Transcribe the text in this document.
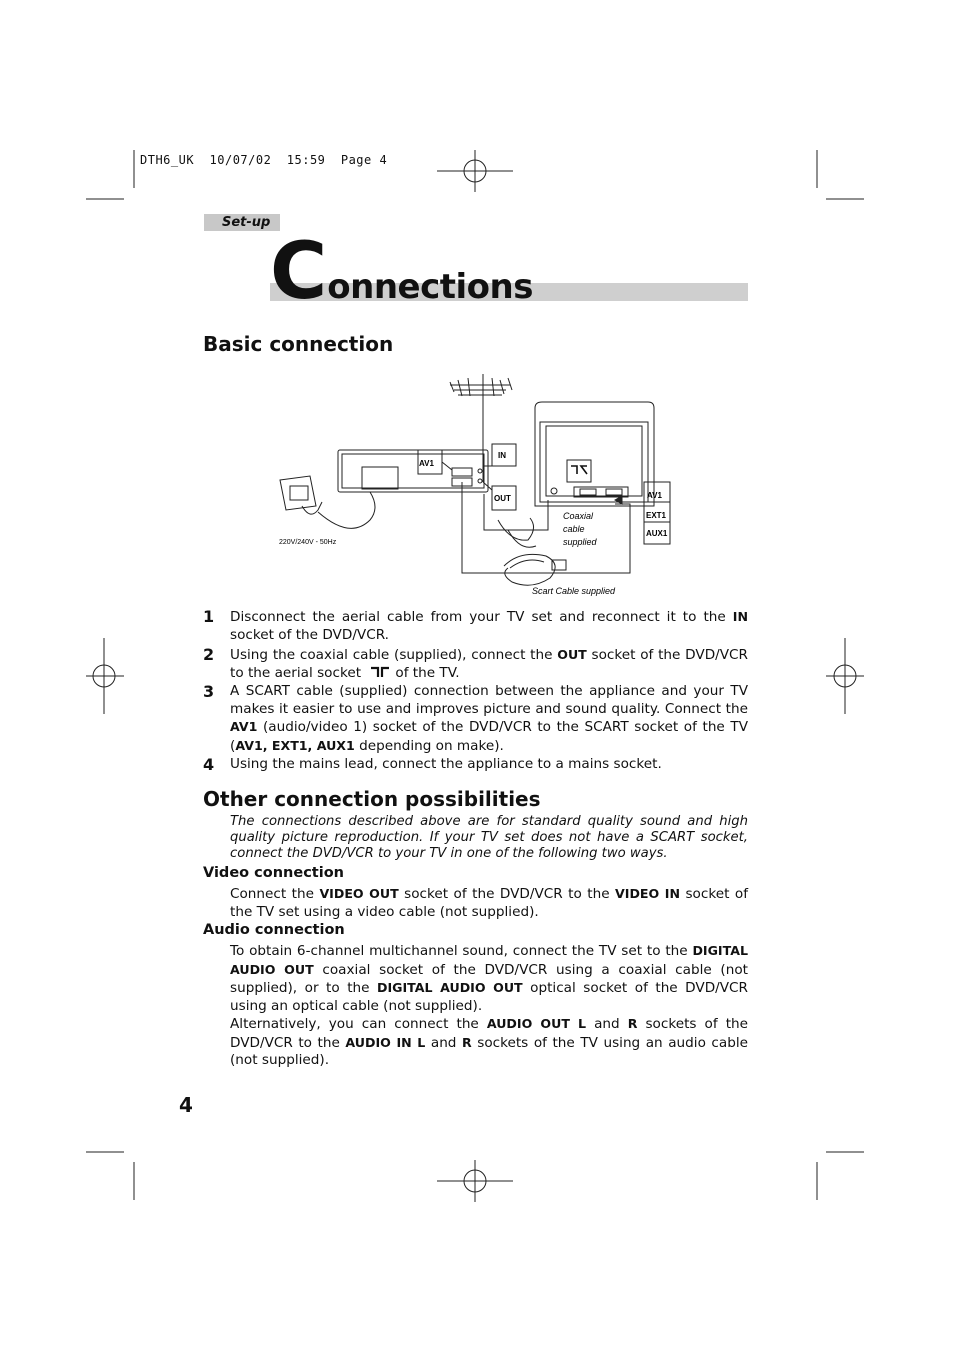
DTH6_UK  10/07/02  15:59  Page 4
Set-up
Connections
Basic connection
AV1
IN
OUT	AV1
EXT1
AUX1
Coaxial
cable
supplied
Scart Cable supplied
220V/240V - 50Hz
1 Disconnect the aerial cable from your TV set and reconnect it to the IN socket of the DVD/VCR.
2 Using the coaxial cable (supplied), connect the OUT socket of the DVD/VCR to the aerial socket of the TV.
3 A SCART cable (supplied) connection between the appliance and your TV makes it easier to use and improves picture and sound quality. Connect the AV1 (audio/video 1) socket of the DVD/VCR to the SCART socket of the TV (AV1, EXT1, AUX1 depending on make).
4 Using the mains lead, connect the appliance to a mains socket.
Other connection possibilities
The connections described above are for standard quality sound and high quality picture reproduction. If your TV set does not have a SCART socket, connect the DVD/VCR to your TV in one of the following two ways.
Video connection
Connect the VIDEO OUT socket of the DVD/VCR to the VIDEO IN socket of the TV set using a video cable (not supplied).
Audio connection
To obtain 6-channel multichannel sound, connect the TV set to the DIGITAL AUDIO OUT coaxial socket of the DVD/VCR using a coaxial cable (not supplied), or to the DIGITAL AUDIO OUT optical socket of the DVD/VCR using an optical cable (not supplied).
Alternatively, you can connect the AUDIO OUT L and R sockets of the DVD/VCR to the AUDIO IN L and R sockets of the TV using an audio cable (not supplied).
4
